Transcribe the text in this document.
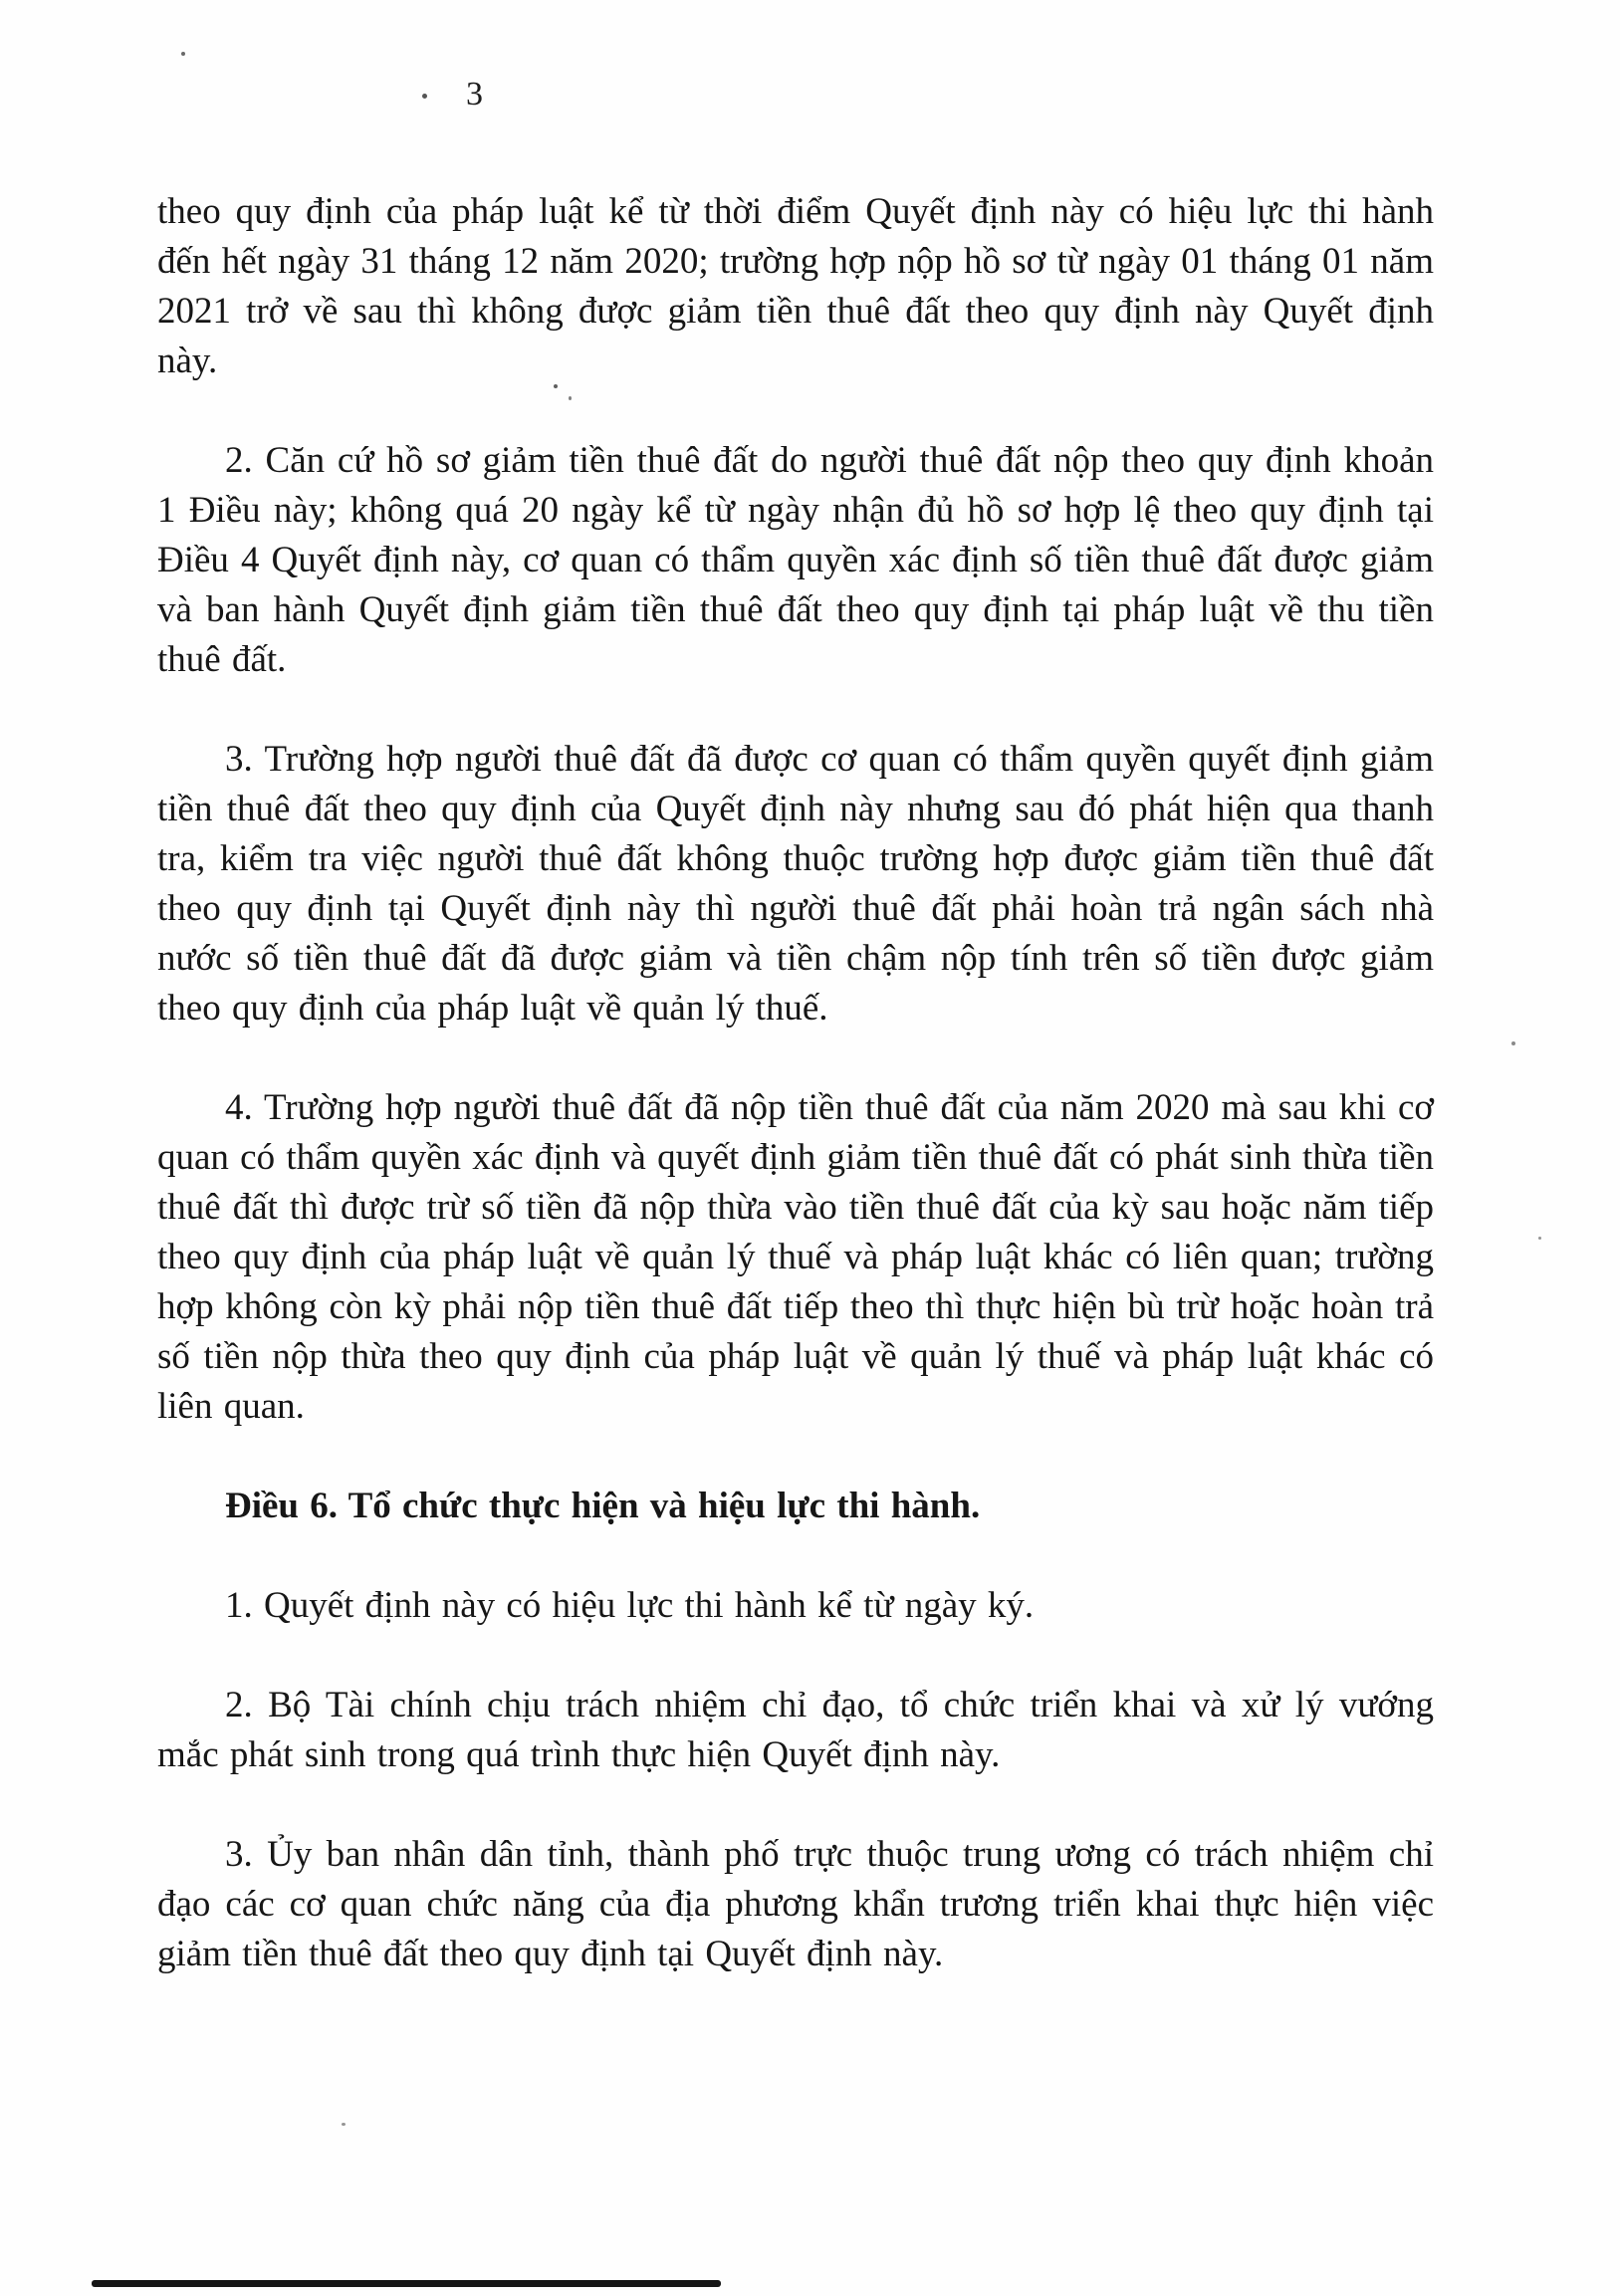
3

theo quy định của pháp luật kể từ thời điểm Quyết định này có hiệu lực thi hành đến hết ngày 31 tháng 12 năm 2020; trường hợp nộp hồ sơ từ ngày 01 tháng 01 năm 2021 trở về sau thì không được giảm tiền thuê đất theo quy định này Quyết định này.

2. Căn cứ hồ sơ giảm tiền thuê đất do người thuê đất nộp theo quy định khoản 1 Điều này; không quá 20 ngày kể từ ngày nhận đủ hồ sơ hợp lệ theo quy định tại Điều 4 Quyết định này, cơ quan có thẩm quyền xác định số tiền thuê đất được giảm và ban hành Quyết định giảm tiền thuê đất theo quy định tại pháp luật về thu tiền thuê đất.

3. Trường hợp người thuê đất đã được cơ quan có thẩm quyền quyết định giảm tiền thuê đất theo quy định của Quyết định này nhưng sau đó phát hiện qua thanh tra, kiểm tra việc người thuê đất không thuộc trường hợp được giảm tiền thuê đất theo quy định tại Quyết định này thì người thuê đất phải hoàn trả ngân sách nhà nước số tiền thuê đất đã được giảm và tiền chậm nộp tính trên số tiền được giảm theo quy định của pháp luật về quản lý thuế.

4. Trường hợp người thuê đất đã nộp tiền thuê đất của năm 2020 mà sau khi cơ quan có thẩm quyền xác định và quyết định giảm tiền thuê đất có phát sinh thừa tiền thuê đất thì được trừ số tiền đã nộp thừa vào tiền thuê đất của kỳ sau hoặc năm tiếp theo quy định của pháp luật về quản lý thuế và pháp luật khác có liên quan; trường hợp không còn kỳ phải nộp tiền thuê đất tiếp theo thì thực hiện bù trừ hoặc hoàn trả số tiền nộp thừa theo quy định của pháp luật về quản lý thuế và pháp luật khác có liên quan.

Điều 6. Tổ chức thực hiện và hiệu lực thi hành.

1. Quyết định này có hiệu lực thi hành kể từ ngày ký.

2. Bộ Tài chính chịu trách nhiệm chỉ đạo, tổ chức triển khai và xử lý vướng mắc phát sinh trong quá trình thực hiện Quyết định này.

3. Ủy ban nhân dân tỉnh, thành phố trực thuộc trung ương có trách nhiệm chỉ đạo các cơ quan chức năng của địa phương khẩn trương triển khai thực hiện việc giảm tiền thuê đất theo quy định tại Quyết định này.
